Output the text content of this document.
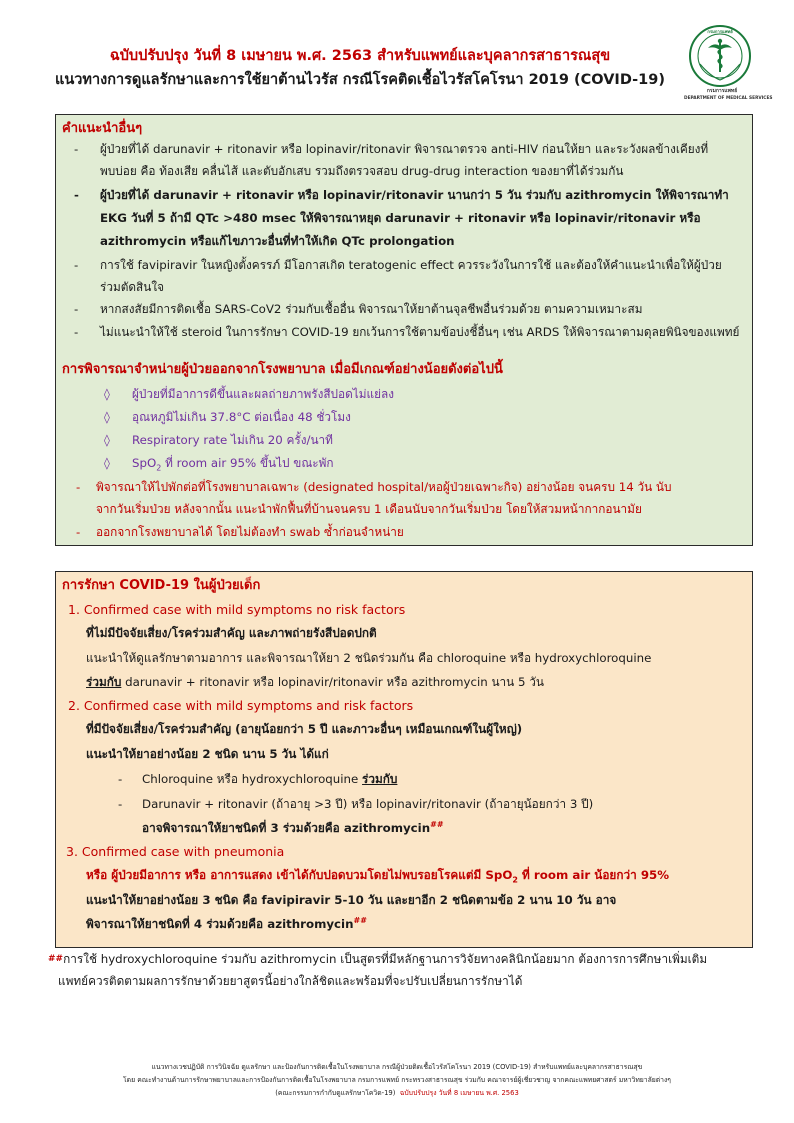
ฉบับปรับปรุง วันที่ 8 เมษายน พ.ศ. 2563 สำหรับแพทย์และบุคลากรสาธารณสุข
แนวทางการดูแลรักษาและการใช้ยาต้านไวรัส กรณีโรคติดเชื้อไวรัสโคโรนา 2019 (COVID-19)
กรมการแพทย์
กรมการแพทย์
DEPARTMENT OF MEDICAL SERVICES
คำแนะนำอื่นๆ
- ผู้ป่วยที่ได้ darunavir + ritonavir หรือ lopinavir/ritonavir พิจารณาตรวจ anti-HIV ก่อนให้ยา และระวังผลข้างเคียงที่
พบบ่อย คือ ท้องเสีย คลื่นไส้ และตับอักเสบ รวมถึงตรวจสอบ drug-drug interaction ของยาที่ได้ร่วมกัน
- ผู้ป่วยที่ได้ darunavir + ritonavir หรือ lopinavir/ritonavir นานกว่า 5 วัน ร่วมกับ azithromycin ให้พิจารณาทำ
EKG วันที่ 5 ถ้ามี QTc >480 msec ให้พิจารณาหยุด darunavir + ritonavir หรือ lopinavir/ritonavir หรือ
azithromycin หรือแก้ไขภาวะอื่นที่ทำให้เกิด QTc prolongation
- การใช้ favipiravir ในหญิงตั้งครรภ์ มีโอกาสเกิด teratogenic effect ควรระวังในการใช้ และต้องให้คำแนะนำเพื่อให้ผู้ป่วย
ร่วมตัดสินใจ
- หากสงสัยมีการติดเชื้อ SARS-CoV2 ร่วมกับเชื้ออื่น พิจารณาให้ยาต้านจุลชีพอื่นร่วมด้วย ตามความเหมาะสม
- ไม่แนะนำให้ใช้ steroid ในการรักษา COVID-19 ยกเว้นการใช้ตามข้อบ่งชี้อื่นๆ เช่น ARDS ให้พิจารณาตามดุลยพินิจของแพทย์
การพิจารณาจำหน่ายผู้ป่วยออกจากโรงพยาบาล เมื่อมีเกณฑ์อย่างน้อยดังต่อไปนี้
◊ ผู้ป่วยที่มีอาการดีขึ้นและผลถ่ายภาพรังสีปอดไม่แย่ลง
◊ อุณหภูมิไม่เกิน 37.8°C ต่อเนื่อง 48 ชั่วโมง
◊ Respiratory rate ไม่เกิน 20 ครั้ง/นาที
◊ SpO$_2$ ที่ room air 95% ขึ้นไป ขณะพัก
- พิจารณาให้ไปพักต่อที่โรงพยาบาลเฉพาะ (designated hospital/หอผู้ป่วยเฉพาะกิจ) อย่างน้อย จนครบ 14 วัน นับ
จากวันเริ่มป่วย หลังจากนั้น แนะนำพักฟื้นที่บ้านจนครบ 1 เดือนนับจากวันเริ่มป่วย โดยให้สวมหน้ากากอนามัย
- ออกจากโรงพยาบาลได้ โดยไม่ต้องทำ swab ซ้ำก่อนจำหน่าย
การรักษา COVID-19 ในผู้ป่วยเด็ก
1. Confirmed case with mild symptoms no risk factors
ที่ไม่มีปัจจัยเสี่ยง/โรคร่วมสำคัญ และภาพถ่ายรังสีปอดปกติ
แนะนำให้ดูแลรักษาตามอาการ และพิจารณาให้ยา 2 ชนิดร่วมกัน คือ chloroquine หรือ hydroxychloroquine
ร่วมกับ darunavir + ritonavir หรือ lopinavir/ritonavir หรือ azithromycin นาน 5 วัน
2. Confirmed case with mild symptoms and risk factors
ที่มีปัจจัยเสี่ยง/โรคร่วมสำคัญ (อายุน้อยกว่า 5 ปี และภาวะอื่นๆ เหมือนเกณฑ์ในผู้ใหญ่)
แนะนำให้ยาอย่างน้อย 2 ชนิด นาน 5 วัน ได้แก่
- Chloroquine หรือ hydroxychloroquine ร่วมกับ
- Darunavir + ritonavir (ถ้าอายุ >3 ปี) หรือ lopinavir/ritonavir (ถ้าอายุน้อยกว่า 3 ปี)
อาจพิจารณาให้ยาชนิดที่ 3 ร่วมด้วยคือ azithromycin##
3. Confirmed case with pneumonia
หรือ ผู้ป่วยมีอาการ หรือ อาการแสดง เข้าได้กับปอดบวมโดยไม่พบรอยโรคแต่มี SpO$_2$ ที่ room air น้อยกว่า 95%
แนะนำให้ยาอย่างน้อย 3 ชนิด คือ favipiravir 5-10 วัน และยาอีก 2 ชนิดตามข้อ 2 นาน 10 วัน อาจ
พิจารณาให้ยาชนิดที่ 4 ร่วมด้วยคือ azithromycin##
##การใช้ hydroxychloroquine ร่วมกับ azithromycin เป็นสูตรที่มีหลักฐานการวิจัยทางคลินิกน้อยมาก ต้องการการศึกษาเพิ่มเติม
แพทย์ควรติดตามผลการรักษาด้วยยาสูตรนี้อย่างใกล้ชิดและพร้อมที่จะปรับเปลี่ยนการรักษาได้
แนวทางเวชปฏิบัติ การวินิจฉัย ดูแลรักษา และป้องกันการติดเชื้อในโรงพยาบาล กรณีผู้ป่วยติดเชื้อไวรัสโคโรนา 2019 (COVID-19) สำหรับแพทย์และบุคลากรสาธารณสุข
โดย คณะทำงานด้านการรักษาพยาบาลและการป้องกันการติดเชื้อในโรงพยาบาล กรมการแพทย์ กระทรวงสาธารณสุข ร่วมกับ คณาจารย์ผู้เชี่ยวชาญ จากคณะแพทยศาสตร์ มหาวิทยาลัยต่างๆ
(คณะกรรมการกำกับดูแลรักษาโควิด-19) ฉบับปรับปรุง วันที่ 8 เมษายน พ.ศ. 2563
